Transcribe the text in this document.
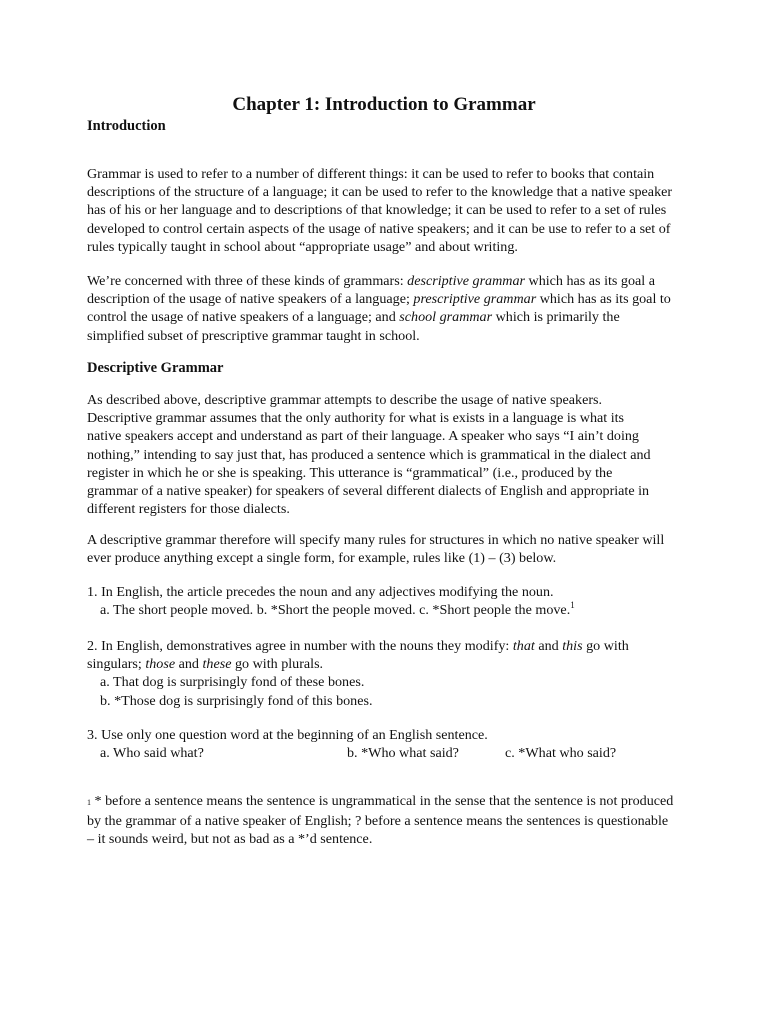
Chapter 1: Introduction to Grammar
Introduction

Grammar is used to refer to a number of different things: it can be used to refer to books that contain
descriptions of the structure of a language; it can be used to refer to the knowledge that a native speaker
has of his or her language and to descriptions of that knowledge; it can be used to refer to a set of rules
developed to control certain aspects of the usage of native speakers; and it can be use to refer to a set of
rules typically taught in school about “appropriate usage” and about writing.

We’re concerned with three of these kinds of grammars: descriptive grammar which has as its goal a
description of the usage of native speakers of a language; prescriptive grammar which has as its goal to
control the usage of native speakers of a language; and school grammar which is primarily the
simplified subset of prescriptive grammar taught in school.

Descriptive Grammar

As described above, descriptive grammar attempts to describe the usage of native speakers.
Descriptive grammar assumes that the only authority for what is exists in a language is what its
native speakers accept and understand as part of their language. A speaker who says “I ain’t doing
nothing,” intending to say just that, has produced a sentence which is grammatical in the dialect and
register in which he or she is speaking. This utterance is “grammatical” (i.e., produced by the
grammar of a native speaker) for speakers of several different dialects of English and appropriate in
different registers for those dialects.

A descriptive grammar therefore will specify many rules for structures in which no native speaker will
ever produce anything except a single form, for example, rules like (1) – (3) below.

1. In English, the article precedes the noun and any adjectives modifying the noun.
a. The short people moved. b. *Short the people moved. c. *Short people the move.$^1$

2. In English, demonstratives agree in number with the nouns they modify: that and this go with
singulars; those and these go with plurals.
a. That dog is surprisingly fond of these bones.
b. *Those dog is surprisingly fond of this bones.

3. Use only one question word at the beginning of an English sentence.
a. Who said what?	b. *Who what said?	c. *What who said?

1 * before a sentence means the sentence is ungrammatical in the sense that the sentence is not produced
by the grammar of a native speaker of English; ? before a sentence means the sentences is questionable
– it sounds weird, but not as bad as a *’d sentence.
